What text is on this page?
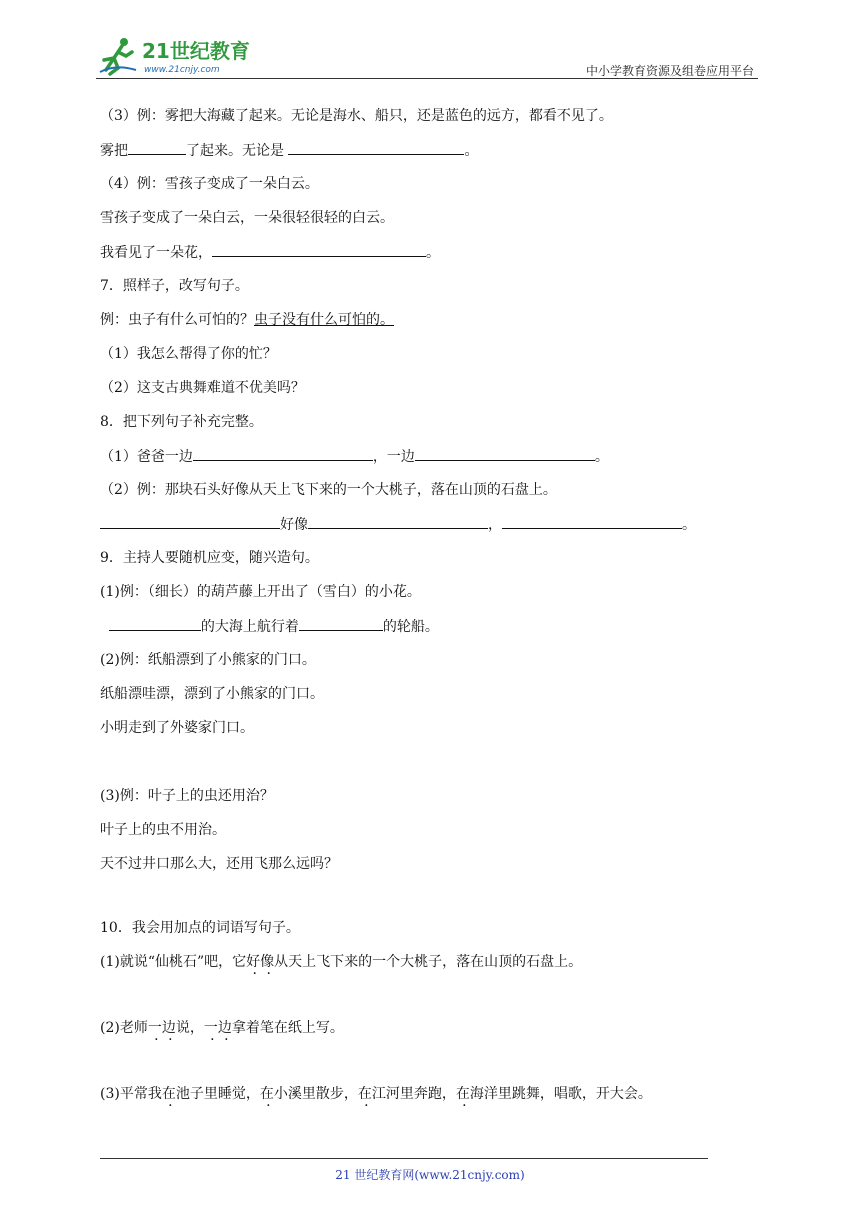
21世纪教育
www.21cnjy.com	中小学教育资源及组卷应用平台
（3）例：雾把大海藏了起来。无论是海水、船只，还是蓝色的远方，都看不见了。
雾把	了起来。无论是	。
（4）例：雪孩子变成了一朵白云。
雪孩子变成了一朵白云，一朵很轻很轻的白云。
我看见了一朵花，	。
7．照样子，改写句子。
例：虫子有什么可怕的？虫子没有什么可怕的。
（1）我怎么帮得了你的忙？
（2）这支古典舞难道不优美吗？
8．把下列句子补充完整。
（1）爸爸一边	，一边	。
（2）例：那块石头好像从天上飞下来的一个大桃子，落在山顶的石盘上。
好像	，	。
9．主持人要随机应变，随兴造句。
(1)例：（细长）的葫芦藤上开出了（雪白）的小花。
的大海上航行着	的轮船。
(2)例：纸船漂到了小熊家的门口。
纸船漂哇漂，漂到了小熊家的门口。
小明走到了外婆家门口。
(3)例：叶子上的虫还用治？
叶子上的虫不用治。
天不过井口那么大，还用飞那么远吗？
10．我会用加点的词语写句子。
(1)就说“仙桃石”吧，它好像从天上飞下来的一个大桃子，落在山顶的石盘上。
(2)老师一边说，一边拿着笔在纸上写。
(3)平常我在池子里睡觉，在小溪里散步，在江河里奔跑，在海洋里跳舞，唱歌，开大会。
21 世纪教育网(www.21cnjy.com)
